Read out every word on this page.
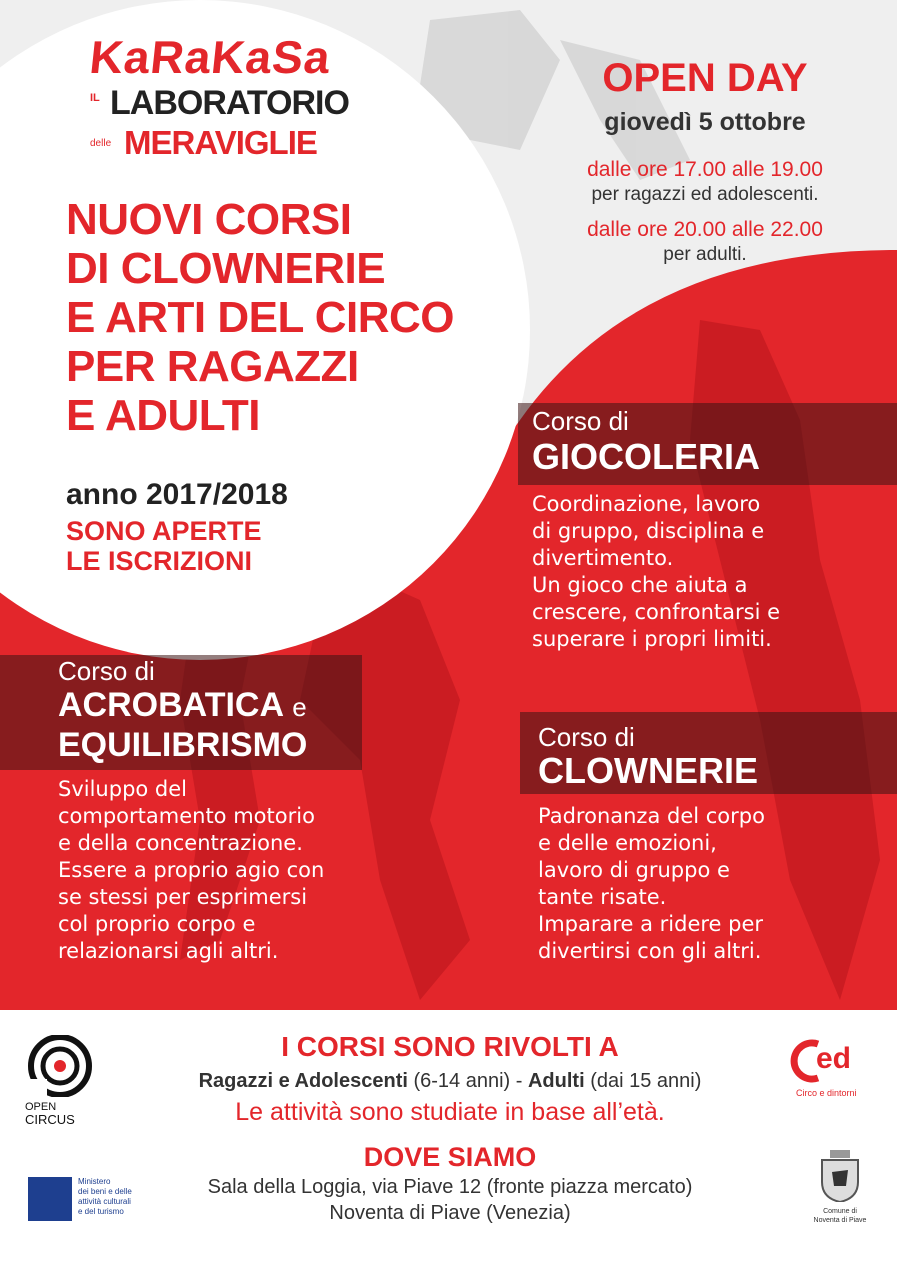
KaRaKaSa
IL LABORATORIO
delle MERAVIGLIE
OPEN DAY
giovedì 5 ottobre
dalle ore 17.00 alle 19.00
per ragazzi ed adolescenti.
dalle ore 20.00 alle 22.00
per adulti.
NUOVI CORSI
DI CLOWNERIE
E ARTI DEL CIRCO
PER RAGAZZI
E ADULTI
anno 2017/2018
SONO APERTE
LE ISCRIZIONI
Corso di
GIOCOLERIA
Coordinazione, lavoro
di gruppo, disciplina e
divertimento.
Un gioco che aiuta a
crescere, confrontarsi e
superare i propri limiti.
Corso di
ACROBATICA e
EQUILIBRISMO
Sviluppo del
comportamento motorio
e della concentrazione.
Essere a proprio agio con
se stessi per esprimersi
col proprio corpo e
relazionarsi agli altri.
Corso di
CLOWNERIE
Padronanza del corpo
e delle emozioni,
lavoro di gruppo e
tante risate.
Imparare a ridere per
divertirsi con gli altri.
I CORSI SONO RIVOLTI A
Ragazzi e Adolescenti (6-14 anni) - Adulti (dai 15 anni)
Le attività sono studiate in base all’età.
DOVE SIAMO
Sala della Loggia, via Piave 12 (fronte piazza mercato)
Noventa di Piave (Venezia)
OPEN
CIRCUS
Ministero
dei beni e delle
attività culturali
e del turismo
ed
Circo e dintorni
Comune di
Noventa di Piave
